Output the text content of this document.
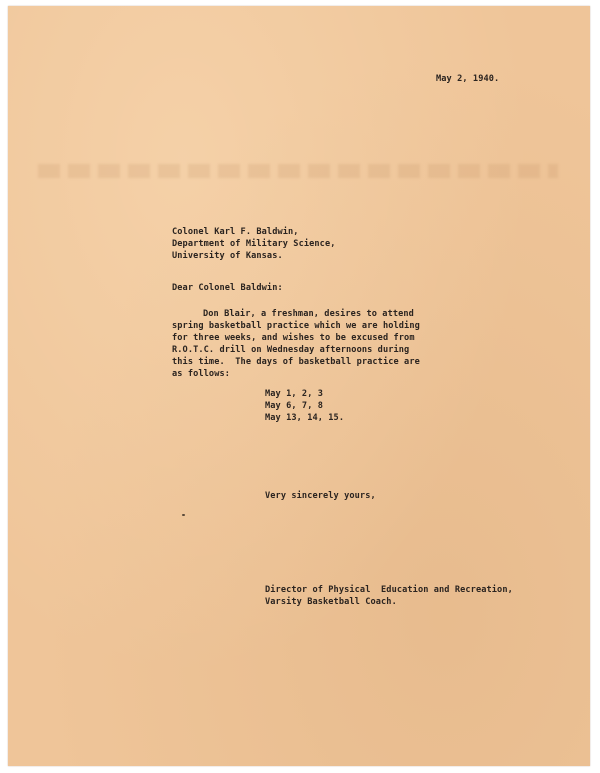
May 2, 1940.
Colonel Karl F. Baldwin,
Department of Military Science,
University of Kansas.
Dear Colonel Baldwin:
Don Blair, a freshman, desires to attend
spring basketball practice which we are holding
for three weeks, and wishes to be excused from
R.O.T.C. drill on Wednesday afternoons during
this time.  The days of basketball practice are
as follows:
May 1, 2, 3
May 6, 7, 8
May 13, 14, 15.
Very sincerely yours,
Director of Physical  Education and Recreation,
Varsity Basketball Coach.
